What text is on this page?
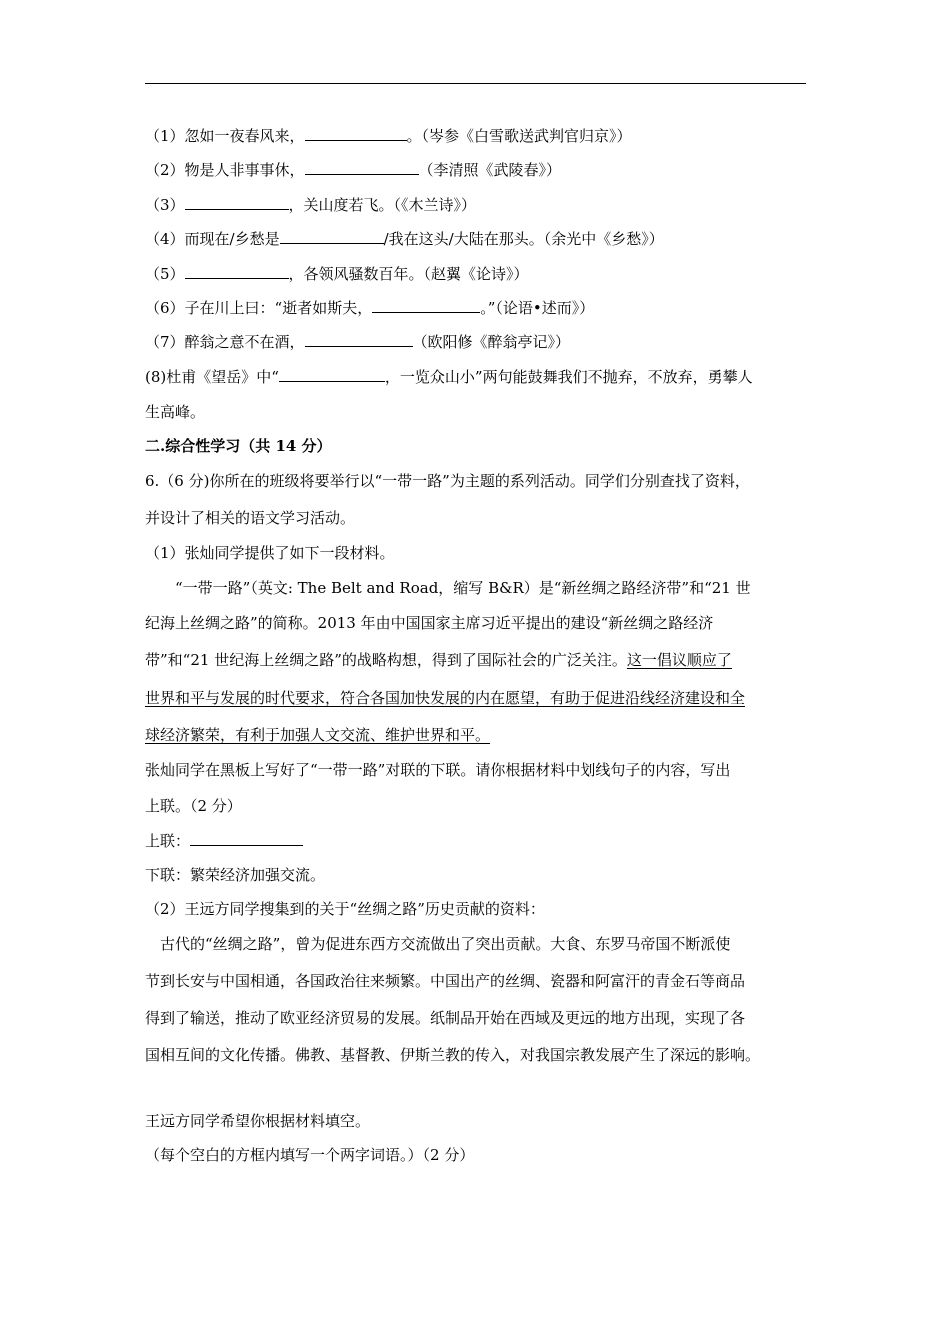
（1）忽如一夜春风来，	。（岑参《白雪歌送武判官归京》）
（2）物是人非事事休，	（李清照《武陵春》）
（3）	，关山度若飞。（《木兰诗》）
（4）而现在/乡愁是	/我在这头/大陆在那头。（余光中《乡愁》）
（5）	，各领风骚数百年。（赵翼《论诗》）
（6）子在川上曰：“逝者如斯夫，	。”（论语•述而》）
（7）醉翁之意不在酒，	（欧阳修《醉翁亭记》）
(8)杜甫《望岳》中“	，一览众山小”两句能鼓舞我们不抛弃，不放弃，勇攀人
生高峰。
二.综合性学习（共 14 分）
6.（6 分)你所在的班级将要举行以“一带一路”为主题的系列活动。同学们分别查找了资料，
并设计了相关的语文学习活动。
（1）张灿同学提供了如下一段材料。
“一带一路”（英文: The Belt and Road，缩写 B&R）是“新丝绸之路经济带”和“21 世
纪海上丝绸之路”的简称。2013 年由中国国家主席习近平提出的建设“新丝绸之路经济
带”和“21 世纪海上丝绸之路”的战略构想，得到了国际社会的广泛关注。这一倡议顺应了
世界和平与发展的时代要求，符合各国加快发展的内在愿望，有助于促进沿线经济建设和全
球经济繁荣，有利于加强人文交流、维护世界和平。
张灿同学在黑板上写好了“一带一路”对联的下联。请你根据材料中划线句子的内容，写出
上联。（2 分）
上联：
下联：繁荣经济加强交流。
（2）王远方同学搜集到的关于“丝绸之路”历史贡献的资料：
古代的“丝绸之路”，曾为促进东西方交流做出了突出贡献。大食、东罗马帝国不断派使
节到长安与中国相通，各国政治往来频繁。中国出产的丝绸、瓷器和阿富汗的青金石等商品
得到了输送，推动了欧亚经济贸易的发展。纸制品开始在西域及更远的地方出现，实现了各
国相互间的文化传播。佛教、基督教、伊斯兰教的传入，对我国宗教发展产生了深远的影响。
王远方同学希望你根据材料填空。
（每个空白的方框内填写一个两字词语。）（2 分）
